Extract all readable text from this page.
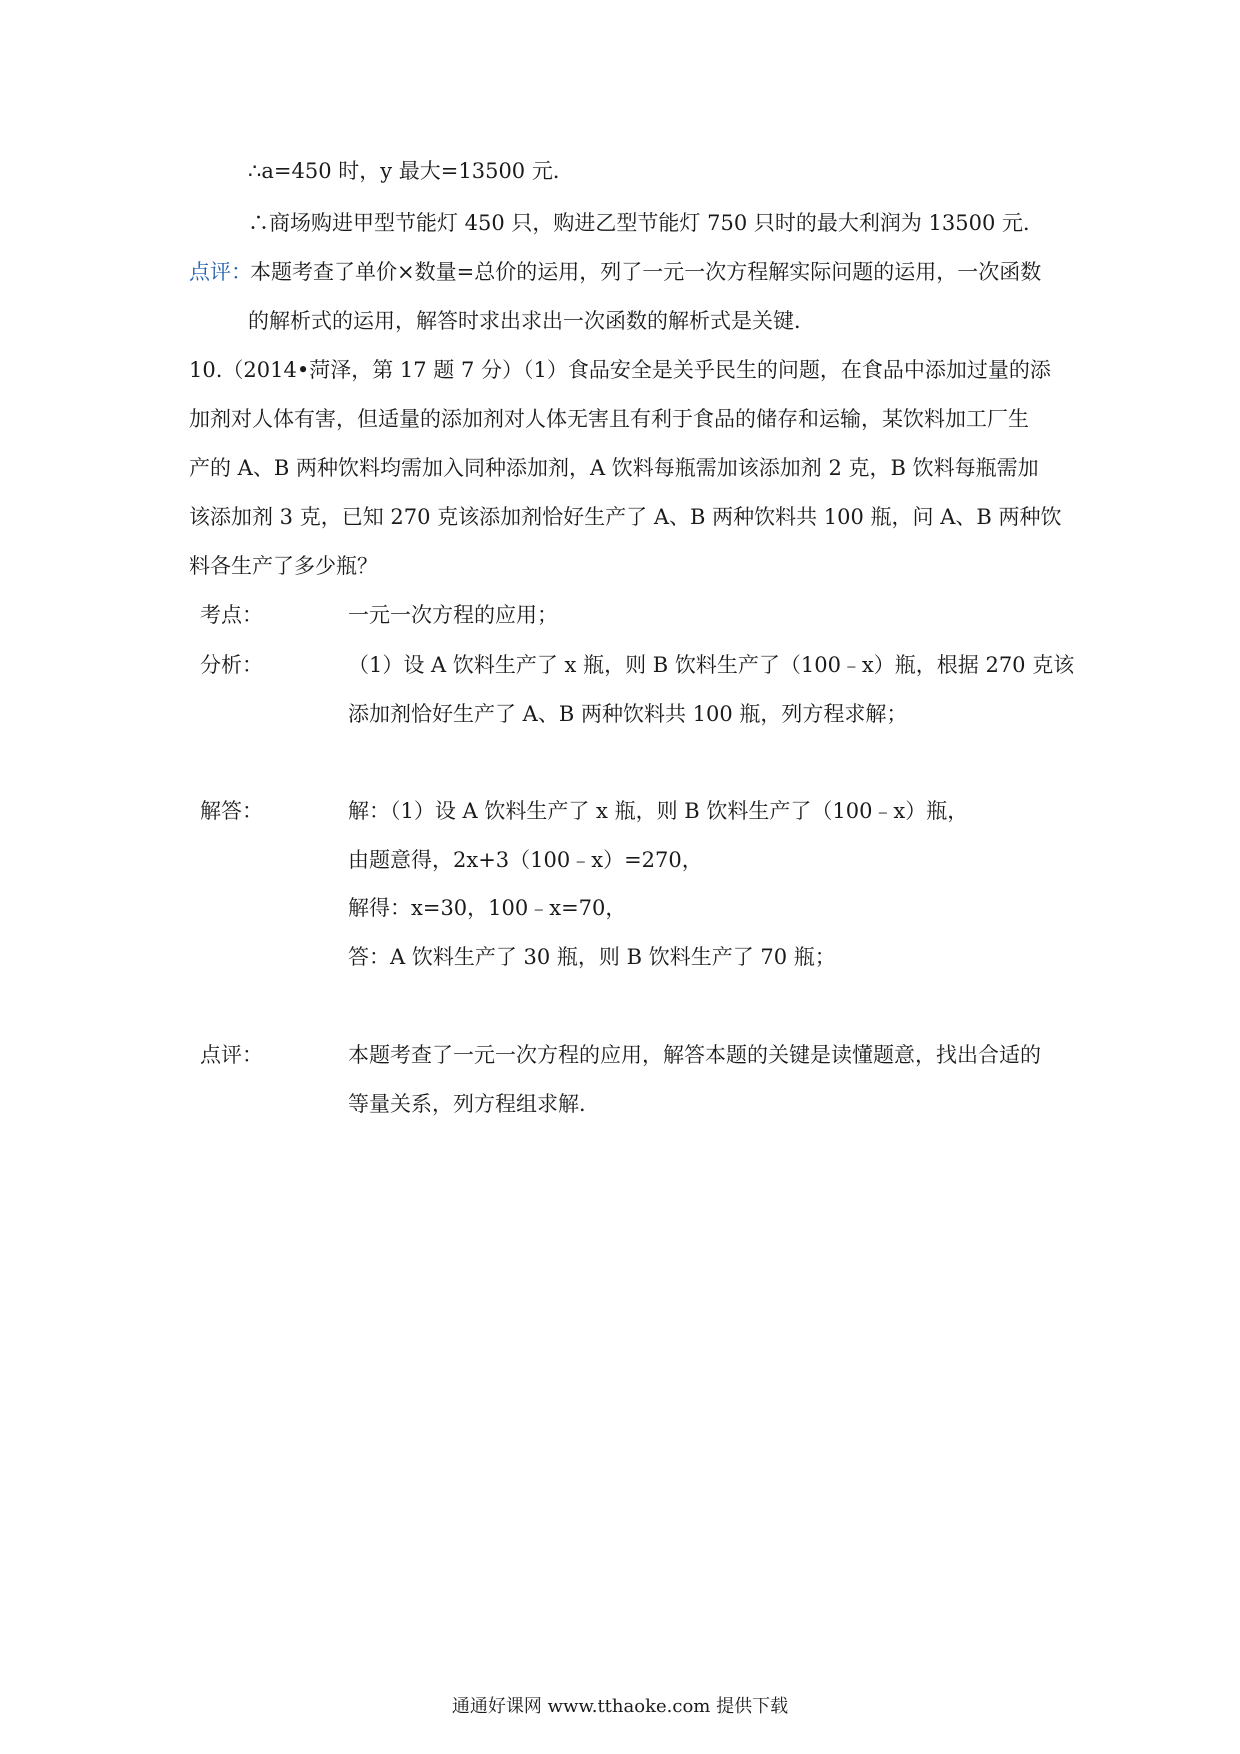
∴a=450 时，y 最大=13500 元．
∴商场购进甲型节能灯 450 只，购进乙型节能灯 750 只时的最大利润为 13500 元．
点评：
本题考查了单价×数量=总价的运用，列了一元一次方程解实际问题的运用，一次函数
的解析式的运用，解答时求出求出一次函数的解析式是关键．
10.（2014•菏泽，第 17 题 7 分）（1）食品安全是关乎民生的问题，在食品中添加过量的添
加剂对人体有害，但适量的添加剂对人体无害且有利于食品的储存和运输，某饮料加工厂生
产的 A、B 两种饮料均需加入同种添加剂，A 饮料每瓶需加该添加剂 2 克，B 饮料每瓶需加
该添加剂 3 克，已知 270 克该添加剂恰好生产了 A、B 两种饮料共 100 瓶，问 A、B 两种饮
料各生产了多少瓶？
考点：	一元一次方程的应用；
分析：	（1）设 A 饮料生产了 x 瓶，则 B 饮料生产了（100﹣x）瓶，根据 270 克该
添加剂恰好生产了 A、B 两种饮料共 100 瓶，列方程求解；
解答：	解：（1）设 A 饮料生产了 x 瓶，则 B 饮料生产了（100﹣x）瓶，
由题意得，2x+3（100﹣x）=270，
解得：x=30，100﹣x=70，
答：A 饮料生产了 30 瓶，则 B 饮料生产了 70 瓶；
点评：	本题考查了一元一次方程的应用，解答本题的关键是读懂题意，找出合适的
等量关系，列方程组求解．
通通好课网 www.tthaoke.com 提供下载
